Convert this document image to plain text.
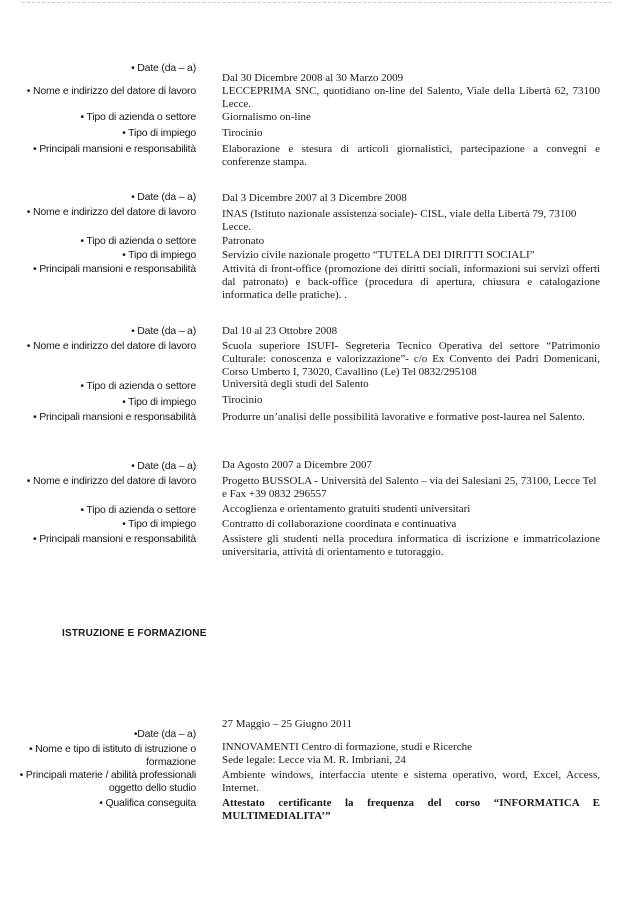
• Date (da – a)
Dal 30 Dicembre 2008 al 30 Marzo 2009
• Nome e indirizzo del datore di lavoro LECCEPRIMA SNC, quotidiano on-line del Salento, Viale della Libertà 62, 73100 Lecce.
• Tipo di azienda o settore Giornalismo on-line
• Tipo di impiego Tirocinio
• Principali mansioni e responsabilità Elaborazione e stesura di articoli giornalistici, partecipazione a convegni e conferenze stampa.
• Date (da – a) Dal 3 Dicembre 2007 al 3 Dicembre 2008
• Nome e indirizzo del datore di lavoro INAS (Istituto nazionale assistenza sociale)- CISL, viale della Libertà 79, 73100 Lecce.
• Tipo di azienda o settore Patronato
• Tipo di impiego Servizio civile nazionale progetto “TUTELA DEI DIRITTI SOCIALI”
• Principali mansioni e responsabilità Attività di front-office (promozione dei diritti sociali, informazioni sui servizi offerti dal patronato) e back-office (procedura di apertura, chiusura e catalogazione informatica delle pratiche). .
• Date (da – a) Dal 10 al 23 Ottobre 2008
• Nome e indirizzo del datore di lavoro Scuola superiore ISUFI- Segreteria Tecnico Operativa del settore “Patrimonio Culturale: conoscenza e valorizzazione”- c/o Ex Convento dei Padri Domenicani, Corso Umberto I, 73020, Cavallino (Le) Tel 0832/295108
• Tipo di azienda o settore Università degli studi del Salento
• Tipo di impiego Tirocinio
• Principali mansioni e responsabilità Produrre un’analisi delle possibilità lavorative e formative post-laurea nel Salento.
• Date (da – a) Da Agosto 2007 a Dicembre 2007
• Nome e indirizzo del datore di lavoro Progetto BUSSOLA - Università del Salento – via dei Salesiani 25, 73100, Lecce Tel e Fax +39 0832 296557
• Tipo di azienda o settore Accoglienza e orientamento gratuiti studenti universitari
• Tipo di impiego Contratto di collaborazione coordinata e continuativa
• Principali mansioni e responsabilità Assistere gli studenti nella procedura informatica di iscrizione e immatricolazione universitaria, attività di orientamento e tutoraggio.
ISTRUZIONE E FORMAZIONE
•Date (da – a)
27 Maggio – 25 Giugno 2011
• Nome e tipo di istituto di istruzione o formazione
INNOVAMENTI Centro di formazione, studi e Ricerche
Sede legale: Lecce via M. R. Imbriani, 24
• Principali materie / abilità professionali oggetto dello studio
Ambiente windows, interfaccia utente e sistema operativo, word, Excel, Access, Internet.
• Qualifica conseguita Attestato certificante la frequenza del corso “INFORMATICA E MULTIMEDIALITA’”
